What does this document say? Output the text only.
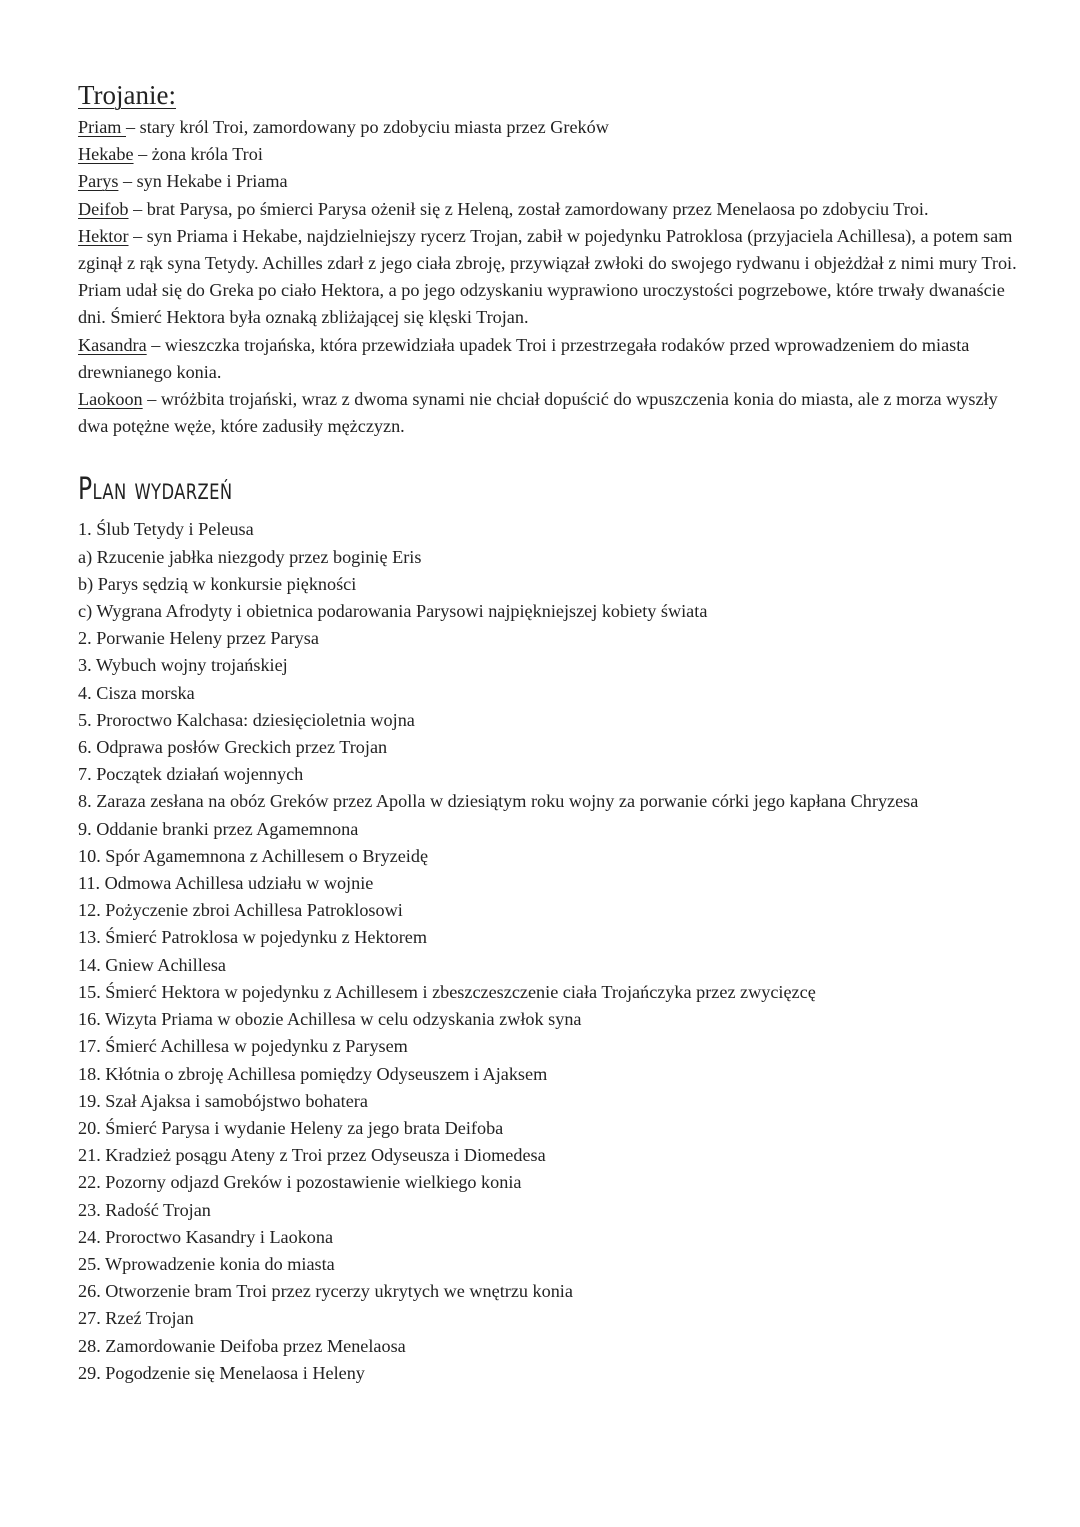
Trojanie:

Priam – stary król Troi, zamordowany po zdobyciu miasta przez Greków

Hekabe – żona króla Troi

Parys – syn Hekabe i Priama

Deifob – brat Parysa, po śmierci Parysa ożenił się z Heleną, został zamordowany przez Menelaosa po zdobyciu Troi.

Hektor – syn Priama i Hekabe, najdzielniejszy rycerz Trojan, zabił w pojedynku Patroklosa (przyjaciela Achillesa), a potem sam zginął z rąk syna Tetydy. Achilles zdarł z jego ciała zbroję, przywiązał zwłoki do swojego rydwanu i objeżdżał z nimi mury Troi. Priam udał się do Greka po ciało Hektora, a po jego odzyskaniu wyprawiono uroczystości pogrzebowe, które trwały dwanaście dni. Śmierć Hektora była oznaką zbliżającej się klęski Trojan.

Kasandra – wieszczka trojańska, która przewidziała upadek Troi i przestrzegała rodaków przed wprowadzeniem do miasta drewnianego konia.

Laokoon – wróżbita trojański, wraz z dwoma synami nie chciał dopuścić do wpuszczenia konia do miasta, ale z morza wyszły dwa potężne węże, które zadusiły mężczyzn.

Plan wydarzeń
1. Ślub Tetydy i Peleusa
a) Rzucenie jabłka niezgody przez boginię Eris
b) Parys sędzią w konkursie piękności
c) Wygrana Afrodyty i obietnica podarowania Parysowi najpiękniejszej kobiety świata
2. Porwanie Heleny przez Parysa
3. Wybuch wojny trojańskiej
4. Cisza morska
5. Proroctwo Kalchasa: dziesięcioletnia wojna
6. Odprawa posłów Greckich przez Trojan
7. Początek działań wojennych
8. Zaraza zesłana na obóz Greków przez Apolla w dziesiątym roku wojny za porwanie córki jego kapłana Chryzesa
9. Oddanie branki przez Agamemnona
10. Spór Agamemnona z Achillesem o Bryzeidę
11. Odmowa Achillesa udziału w wojnie
12. Pożyczenie zbroi Achillesa Patroklosowi
13. Śmierć Patroklosa w pojedynku z Hektorem
14. Gniew Achillesa
15. Śmierć Hektora w pojedynku z Achillesem i zbeszczeszczenie ciała Trojańczyka przez zwycięzcę
16. Wizyta Priama w obozie Achillesa w celu odzyskania zwłok syna
17. Śmierć Achillesa w pojedynku z Parysem
18. Kłótnia o zbroję Achillesa pomiędzy Odyseuszem i Ajaksem
19. Szał Ajaksa i samobójstwo bohatera
20. Śmierć Parysa i wydanie Heleny za jego brata Deifoba
21. Kradzież posągu Ateny z Troi przez Odyseusza i Diomedesa
22. Pozorny odjazd Greków i pozostawienie wielkiego konia
23. Radość Trojan
24. Proroctwo Kasandry i Laokona
25. Wprowadzenie konia do miasta
26. Otworzenie bram Troi przez rycerzy ukrytych we wnętrzu konia
27. Rzeź Trojan
28. Zamordowanie Deifoba przez Menelaosa
29. Pogodzenie się Menelaosa i Heleny
